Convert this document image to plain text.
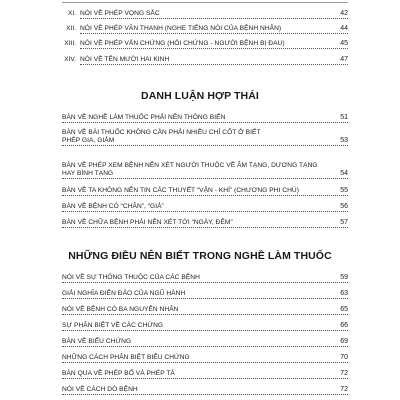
XI. NÓI VỀ PHÉP VỌNG SẮC	42
XII. NÓI VỀ PHÉP VĂN THANH (NGHE TIẾNG NÓI CỦA BỆNH NHÂN)	44
XIII. NÓI VỀ PHÉP VẤN CHỨNG (HỎI CHỨNG - NGƯỜI BỆNH BỊ ĐAU)	45
XIV. NÓI VỀ TÊN MƯỜI HAI KINH	47
DANH LUẬN HỢP THÁI
BÀN VỀ NGHỀ LÀM THUỐC PHẢI NÊN THÔNG BIẾN	51
BÀN VỀ BÀI THUỐC KHÔNG CẦN PHẢI NHIỀU CHỈ CỐT Ở BIẾT PHÉP GIA, GIẢM	53
BÀN VỀ PHÉP XEM BỆNH NÊN XÉT NGƯỜI THUỘC VỀ ÂM TẠNG, DƯƠNG TẠNG HAY BÌNH TẠNG	54
BÀN VỀ TA KHÔNG NÊN TIN CÁC THUYẾT “VẬN - KHÍ” (CHƯƠNG PHI CHÚ)	55
BÀN VỀ BỆNH CÓ “CHÂN”, “GIẢ”	56
BÀN VỀ CHỮA BỆNH PHẢI NÊN XÉT TỚI “NGÀY, ĐÊM”	57
NHỮNG ĐIỀU NÊN BIẾT TRONG NGHỀ LÀM THUỐC
NÓI VỀ SỰ THÔNG THUỘC CỦA CÁC BỆNH	59
GIẢI NGHĨA ĐIÊN ĐẢO CỦA NGŨ HÀNH	63
NÓI VỀ BỆNH CÓ BA NGUYÊN NHÂN	65
SỰ PHÂN BIỆT VỀ CÁC CHỨNG	66
BÀN VỀ BIỂU CHỨNG	69
NHỮNG CÁCH PHÂN BIỆT BIỂU CHỨNG	70
BÀN QUA VỀ PHÉP BỔ VÀ PHÉP TẢ	72
NÓI VỀ CÁCH DÒ BỆNH	72
